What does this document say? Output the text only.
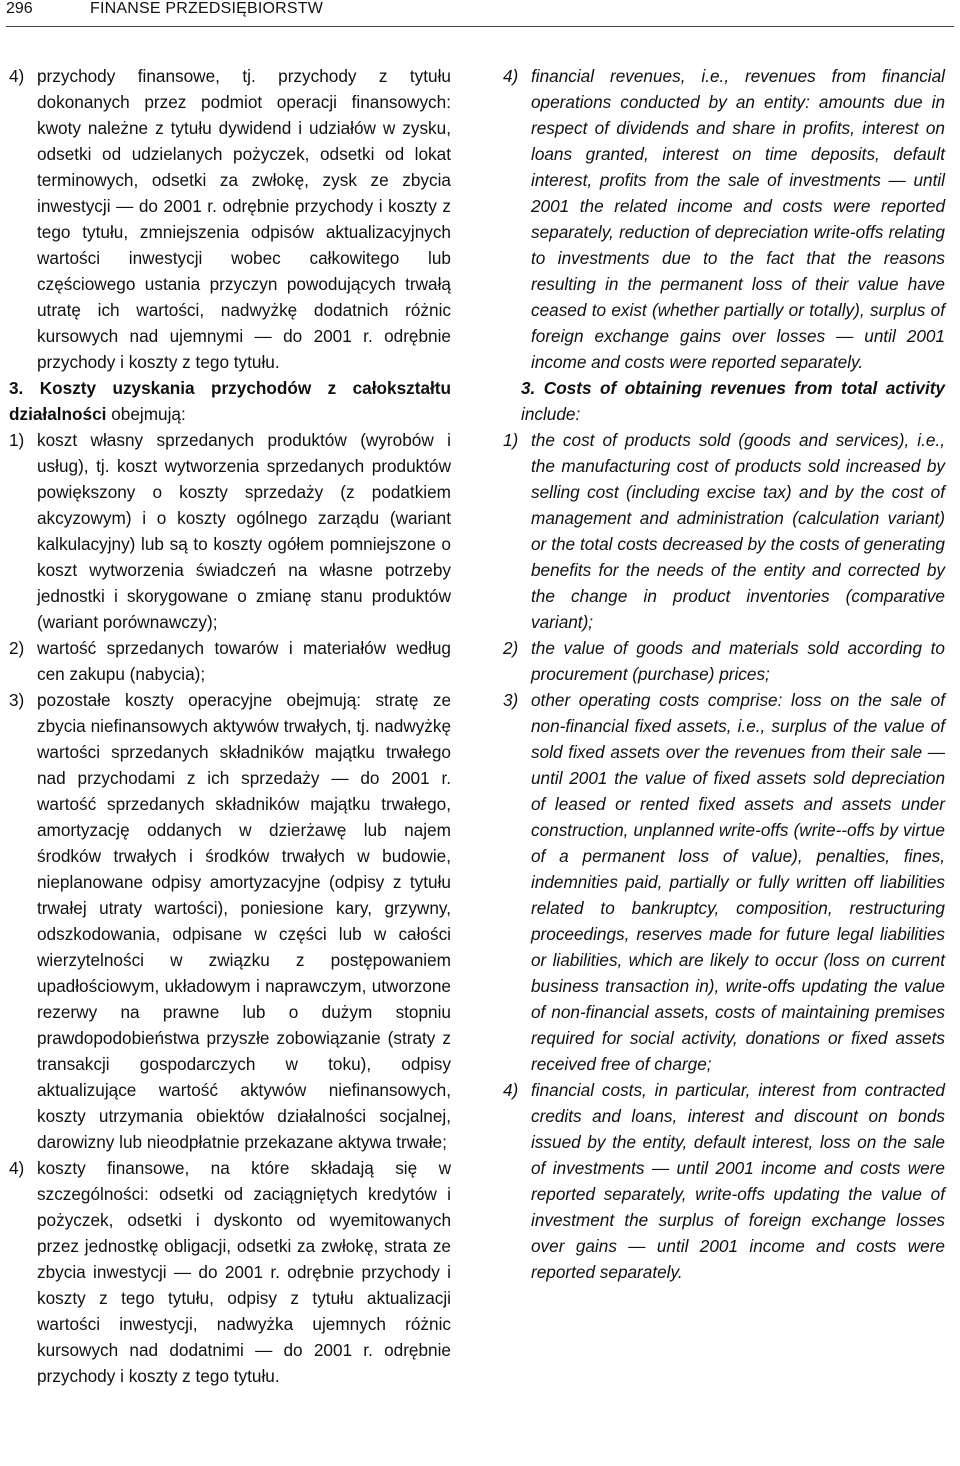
296	FINANSE PRZEDSIĘBIORSTW
4) przychody finansowe, tj. przychody z tytułu dokonanych przez podmiot operacji finansowych: kwoty należne z tytułu dywidend i udziałów w zysku, odsetki od udzielanych pożyczek, odsetki od lokat terminowych, odsetki za zwłokę, zysk ze zbycia inwestycji — do 2001 r. odrębnie przychody i koszty z tego tytułu, zmniejszenia odpisów aktualizacyjnych wartości inwestycji wobec całkowitego lub częściowego ustania przyczyn powodujących trwałą utratę ich wartości, nadwyżkę dodatnich różnic kursowych nad ujemnymi — do 2001 r. odrębnie przychody i koszty z tego tytułu.

3. Koszty uzyskania przychodów z całokształtu działalności obejmują:

1) koszt własny sprzedanych produktów (wyrobów i usług), tj. koszt wytworzenia sprzedanych produktów powiększony o koszty sprzedaży (z podatkiem akcyzowym) i o koszty ogólnego zarządu (wariant kalkulacyjny) lub są to koszty ogółem pomniejszone o koszt wytworzenia świadczeń na własne potrzeby jednostki i skorygowane o zmianę stanu produktów (wariant porównawczy);
2) wartość sprzedanych towarów i materiałów według cen zakupu (nabycia);
3) pozostałe koszty operacyjne obejmują: stratę ze zbycia niefinansowych aktywów trwałych, tj. nadwyżkę wartości sprzedanych składników majątku trwałego nad przychodami z ich sprzedaży — do 2001 r. wartość sprzedanych składników majątku trwałego, amortyzację oddanych w dzierżawę lub najem środków trwałych i środków trwałych w budowie, nieplanowane odpisy amortyzacyjne (odpisy z tytułu trwałej utraty wartości), poniesione kary, grzywny, odszkodowania, odpisane w części lub w całości wierzytelności w związku z postępowaniem upadłościowym, układowym i naprawczym, utworzone rezerwy na prawne lub o dużym stopniu prawdopodobieństwa przyszłe zobowiązanie (straty z transakcji gospodarczych w toku), odpisy aktualizujące wartość aktywów niefinansowych, koszty utrzymania obiektów działalności socjalnej, darowizny lub nieodpłatnie przekazane aktywa trwałe;
4) koszty finansowe, na które składają się w szczególności: odsetki od zaciągniętych kredytów i pożyczek, odsetki i dyskonto od wyemitowanych przez jednostkę obligacji, odsetki za zwłokę, strata ze zbycia inwestycji — do 2001 r. odrębnie przychody i koszty z tego tytułu, odpisy z tytułu aktualizacji wartości inwestycji, nadwyżka ujemnych różnic kursowych nad dodatnimi — do 2001 r. odrębnie przychody i koszty z tego tytułu.
4) financial revenues, i.e., revenues from financial operations conducted by an entity: amounts due in respect of dividends and share in profits, interest on loans granted, interest on time deposits, default interest, profits from the sale of investments — until 2001 the related income and costs were reported separately, reduction of depreciation write-offs relating to investments due to the fact that the reasons resulting in the permanent loss of their value have ceased to exist (whether partially or totally), surplus of foreign exchange gains over losses — until 2001 income and costs were reported separately.

3. Costs of obtaining revenues from total activity include:

1) the cost of products sold (goods and services), i.e., the manufacturing cost of products sold increased by selling cost (including excise tax) and by the cost of management and administration (calculation variant) or the total costs decreased by the costs of generating benefits for the needs of the entity and corrected by the change in product inventories (comparative variant);
2) the value of goods and materials sold according to procurement (purchase) prices;
3) other operating costs comprise: loss on the sale of non-financial fixed assets, i.e., surplus of the value of sold fixed assets over the revenues from their sale — until 2001 the value of fixed assets sold depreciation of leased or rented fixed assets and assets under construction, unplanned write-offs (write--offs by virtue of a permanent loss of value), penalties, fines, indemnities paid, partially or fully written off liabilities related to bankruptcy, composition, restructuring proceedings, reserves made for future legal liabilities or liabilities, which are likely to occur (loss on current business transaction in), write-offs updating the value of non-financial assets, costs of maintaining premises required for social activity, donations or fixed assets received free of charge;
4) financial costs, in particular, interest from contracted credits and loans, interest and discount on bonds issued by the entity, default interest, loss on the sale of investments — until 2001 income and costs were reported separately, write-offs updating the value of investment the surplus of foreign exchange losses over gains — until 2001 income and costs were reported separately.
